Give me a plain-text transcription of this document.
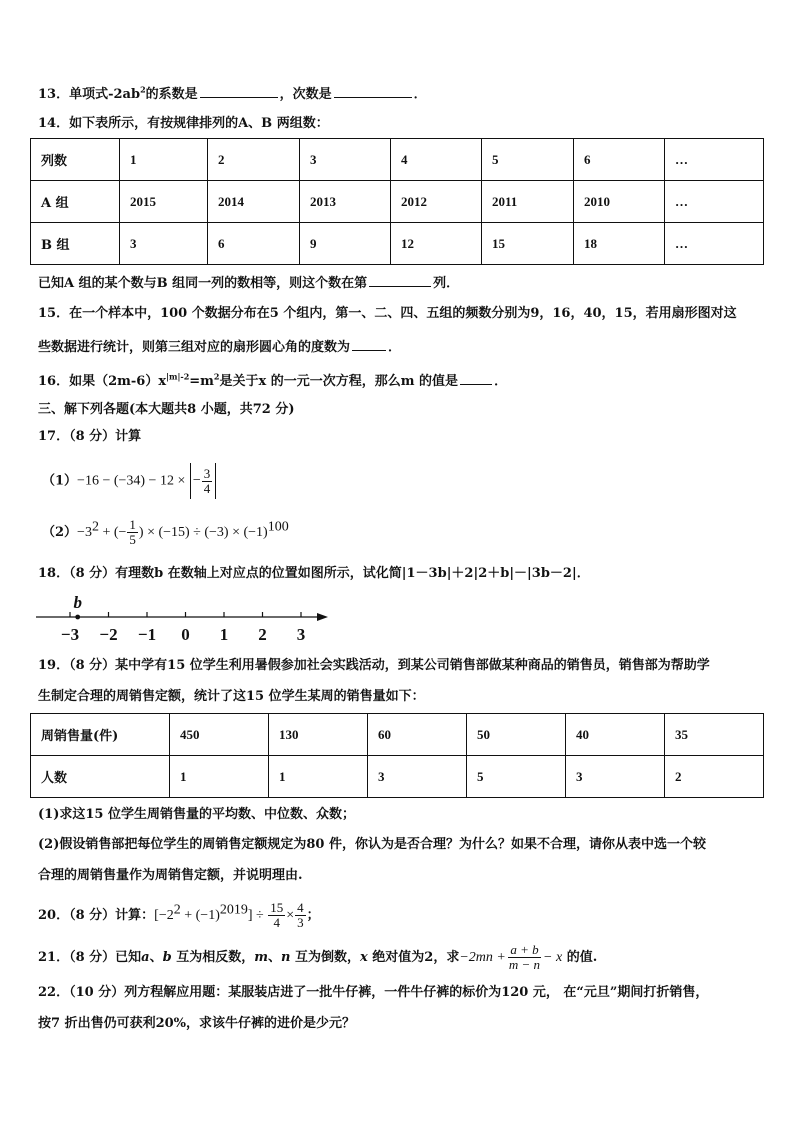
13．单项式$-2ab^2$的系数是	，次数是	．
14．如下表所示，有按规律排列的A、B 两组数：
列数	1	2	3	4	5	6	…
A 组	2015	2014	2013	2012	2011	2010	…
B 组	3	6	9	12	15	18	…
已知A 组的某个数与B 组同一列的数相等，则这个数在第	列．
15．在一个样本中，100 个数据分布在5 个组内，第一、二、四、五组的频数分别为9，16，40，15，若用扇形图对这
些数据进行统计，则第三组对应的扇形圆心角的度数为	．
16．如果$(2m-6)x^{|m|-2}=m^2$是关于x 的一元一次方程，那么m 的值是	．
三、解下列各题(本大题共8 小题，共72 分)
17．（8 分）计算
（1）−16 − (−34) − 12 × − $\frac{3}{4}$
$(2)-3^2$ + (− $\frac{1}{5}$ ) × $(-15) \div (-3) \times (-1)^{100}$
18．（8 分）有理数b 在数轴上对应点的位置如图所示，试化简|1－3b|＋2|2＋b|－|3b－2|．
−3 −2 −1 0 1 2 3
b
19．（8 分）某中学有15 位学生利用暑假参加社会实践活动，到某公司销售部做某种商品的销售员，销售部为帮助学
生制定合理的周销售定额，统计了这15 位学生某周的销售量如下：
周销售量(件)	450	130	60	50	40	35
人数	1	1	3	5	3	2
(1)求这15 位学生周销售量的平均数、中位数、众数；
(2)假设销售部把每位学生的周销售定额规定为80 件，你认为是否合理？为什么？如果不合理，请你从表中选一个较
合理的周销售量作为周销售定额，并说明理由.
20．（8 分）计算：$[-2^2 + (-1)^{2019}] \div \frac{15}{4} \times \frac{4}{3}$ ；
21．（8 分）已知a、b 互为相反数，m、n 互为倒数，x 绝对值为2，求$-2mn + \frac{a + b}{m - n} - x$ 的值.
22．（10 分）列方程解应用题：某服装店进了一批牛仔裤，一件牛仔裤的标价为120 元， 在“元旦”期间打折销售，
按7 折出售仍可获利20%，求该牛仔裤的进价是少元？
